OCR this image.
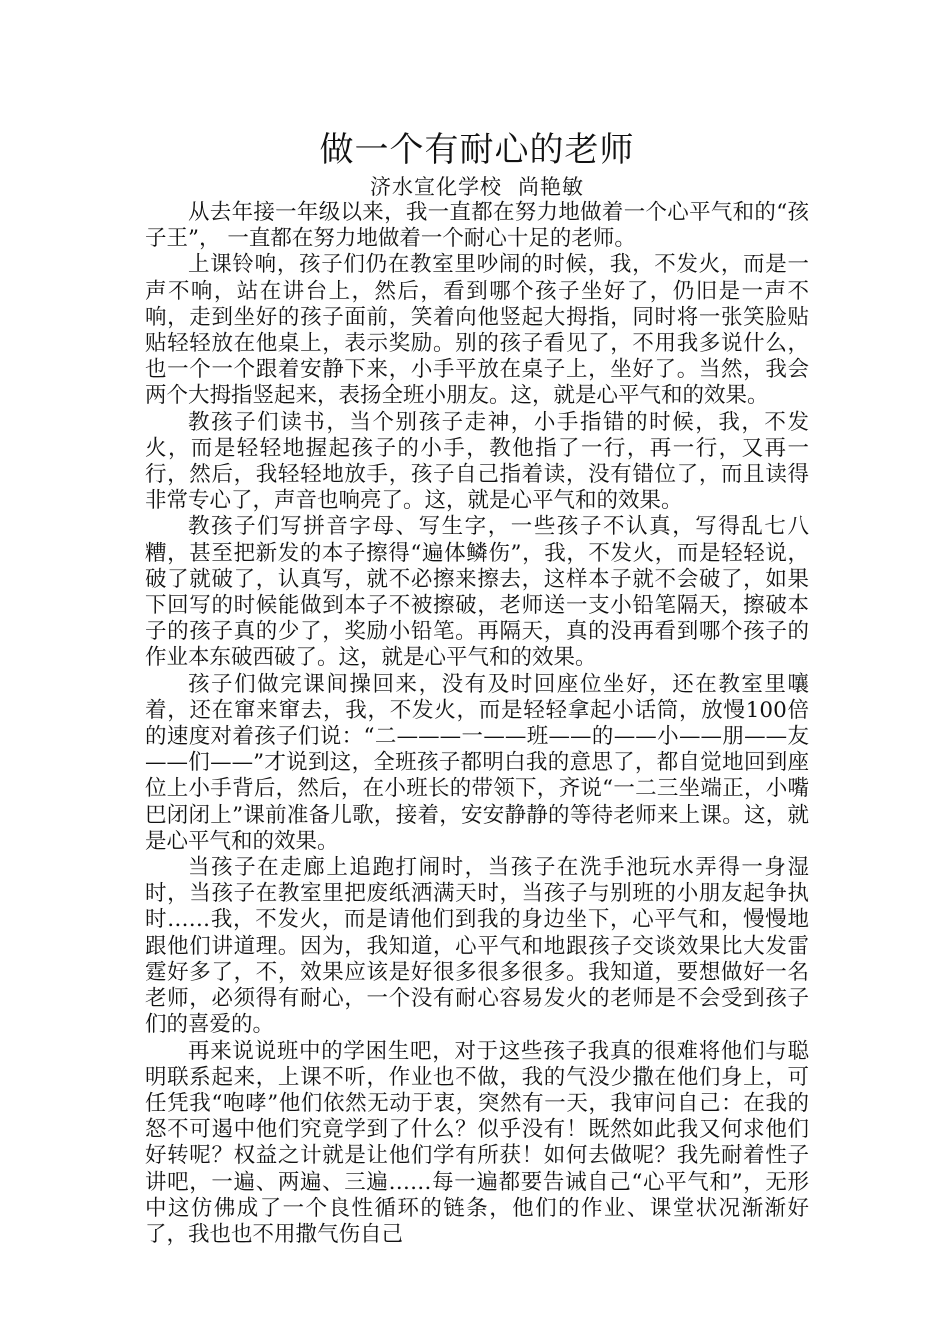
做一个有耐心的老师
济水宣化学校 尚艳敏

从去年接一年级以来，我一直都在努力地做着一个心平气和的“孩子王”， 一直都在努力地做着一个耐心十足的老师。

上课铃响，孩子们仍在教室里吵闹的时候，我，不发火，而是一声不响，站在讲台上，然后，看到哪个孩子坐好了，仍旧是一声不响，走到坐好的孩子面前，笑着向他竖起大拇指，同时将一张笑脸贴贴轻轻放在他桌上，表示奖励。别的孩子看见了，不用我多说什么，也一个一个跟着安静下来，小手平放在桌子上，坐好了。当然，我会两个大拇指竖起来，表扬全班小朋友。这，就是心平气和的效果。

教孩子们读书，当个别孩子走神，小手指错的时候，我，不发火，而是轻轻地握起孩子的小手，教他指了一行，再一行，又再一行，然后，我轻轻地放手，孩子自己指着读，没有错位了，而且读得非常专心了，声音也响亮了。这，就是心平气和的效果。

教孩子们写拼音字母、写生字，一些孩子不认真，写得乱七八糟，甚至把新发的本子擦得“遍体鳞伤”，我，不发火，而是轻轻说，破了就破了，认真写，就不必擦来擦去，这样本子就不会破了，如果下回写的时候能做到本子不被擦破，老师送一支小铅笔隔天，擦破本子的孩子真的少了，奖励小铅笔。再隔天，真的没再看到哪个孩子的作业本东破西破了。这，就是心平气和的效果。

孩子们做完课间操回来，没有及时回座位坐好，还在教室里嚷着，还在窜来窜去，我，不发火，而是轻轻拿起小话筒，放慢100倍的速度对着孩子们说：“二———一——班——的——小——朋——友——们——”才说到这，全班孩子都明白我的意思了，都自觉地回到座位上小手背后，然后，在小班长的带领下，齐说“一二三坐端正，小嘴巴闭闭上”课前准备儿歌，接着，安安静静的等待老师来上课。这，就是心平气和的效果。

当孩子在走廊上追跑打闹时，当孩子在洗手池玩水弄得一身湿时，当孩子在教室里把废纸洒满天时，当孩子与别班的小朋友起争执时……我，不发火，而是请他们到我的身边坐下，心平气和，慢慢地跟他们讲道理。因为，我知道，心平气和地跟孩子交谈效果比大发雷霆好多了，不，效果应该是好很多很多很多。我知道，要想做好一名老师，必须得有耐心，一个没有耐心容易发火的老师是不会受到孩子们的喜爱的。

再来说说班中的学困生吧，对于这些孩子我真的很难将他们与聪明联系起来，上课不听，作业也不做，我的气没少撒在他们身上，可任凭我“咆哮”他们依然无动于衷，突然有一天，我审问自己：在我的怒不可遏中他们究竟学到了什么？似乎没有！既然如此我又何求他们好转呢？权益之计就是让他们学有所获！如何去做呢？我先耐着性子讲吧，一遍、两遍、三遍……每一遍都要告诫自己“心平气和”，无形中这仿佛成了一个良性循环的链条，他们的作业、课堂状况渐渐好了，我也也不用撒气伤自己
